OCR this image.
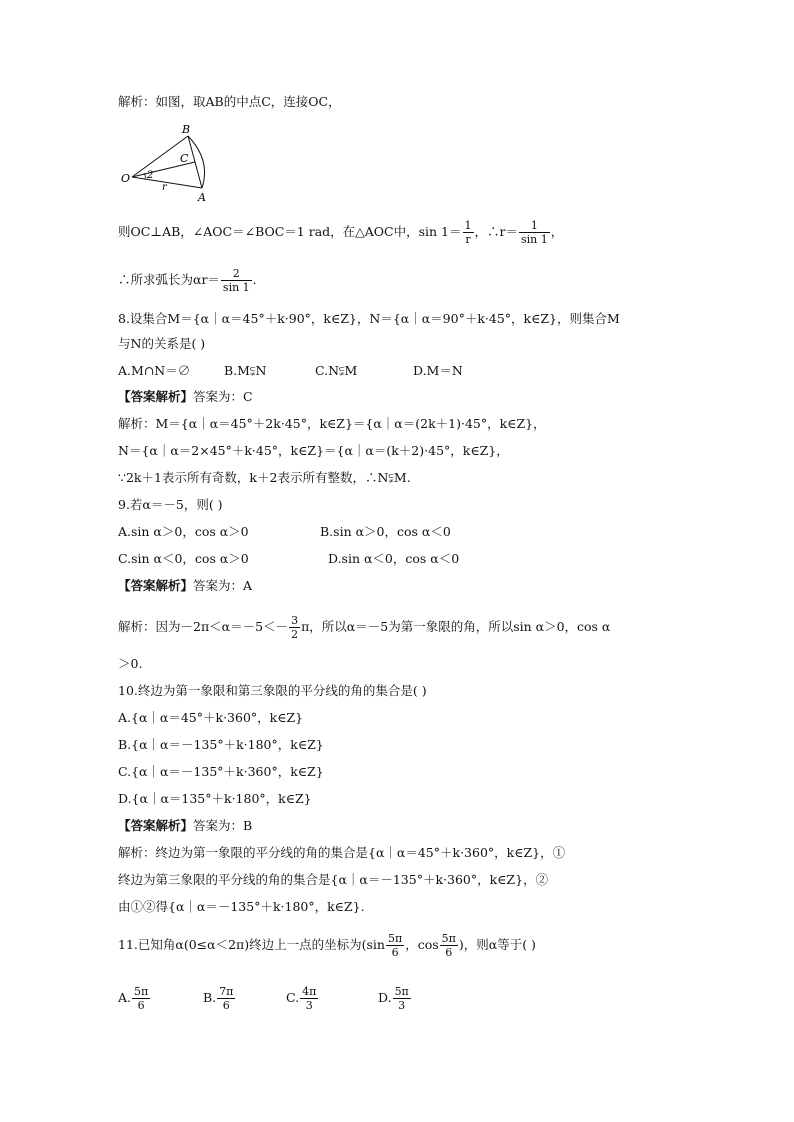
解析：如图，取AB的中点C，连接OC，
B
C
O
A
2
r
则OC⊥AB，∠AOC＝∠BOC＝1 rad，在△AOC中，$\sin 1= \frac{1}{r}$ ，∴r＝ $\frac{1}{\sin 1}$ ，
∴所求弧长为$\alpha r= \frac{2}{\sin 1}$ .
8.设集合M＝{α｜α＝45°＋k·90°，k∈Z}，N＝{α｜α＝90°＋k·45°，k∈Z}，则集合M
与N的关系是( )
A.M∩N＝∅	B.M⫋N	C.N⫋M	D.M＝N
【答案解析】答案为：C
解析：M＝{α｜α＝45°＋2k·45°，k∈Z}＝{α｜α＝(2k＋1)·45°，k∈Z}，
N＝{α｜α＝2×45°＋k·45°，k∈Z}＝{α｜α＝(k＋2)·45°，k∈Z}，
∵2k＋1表示所有奇数，k＋2表示所有整数，∴N⫋M.
9.若α＝－5，则( )
A.sin α＞0，cos α＞0	B.sin α＞0，cos α＜0
C.sin α＜0，cos α＞0	D.sin α＜0，cos α＜0
【答案解析】答案为：A
解析：因为$-2\pi<\alpha=-5<- \frac{3}{2}$ π，所以α＝－5为第一象限的角，所以sin α＞0，cos α
＞0.
10.终边为第一象限和第三象限的平分线的角的集合是( )
A.{α｜α＝45°＋k·360°，k∈Z}
B.{α｜α＝－135°＋k·180°，k∈Z}
C.{α｜α＝－135°＋k·360°，k∈Z}
D.{α｜α＝135°＋k·180°，k∈Z}
【答案解析】答案为：B
解析：终边为第一象限的平分线的角的集合是{α｜α＝45°＋k·360°，k∈Z}，①
终边为第三象限的平分线的角的集合是{α｜α＝－135°＋k·360°，k∈Z}，②
由①②得{α｜α＝－135°＋k·180°，k∈Z}.
11.已知角α(0≤α＜2π)终边上一点的坐标为($\sin \frac{5\pi}{6}$ ，$\cos \frac{5\pi}{6}$ )，则α等于( )
A. $\frac{5\pi}{6}$	B. $\frac{7\pi}{6}$	C. $\frac{4\pi}{3}$	D. $\frac{5\pi}{3}$
